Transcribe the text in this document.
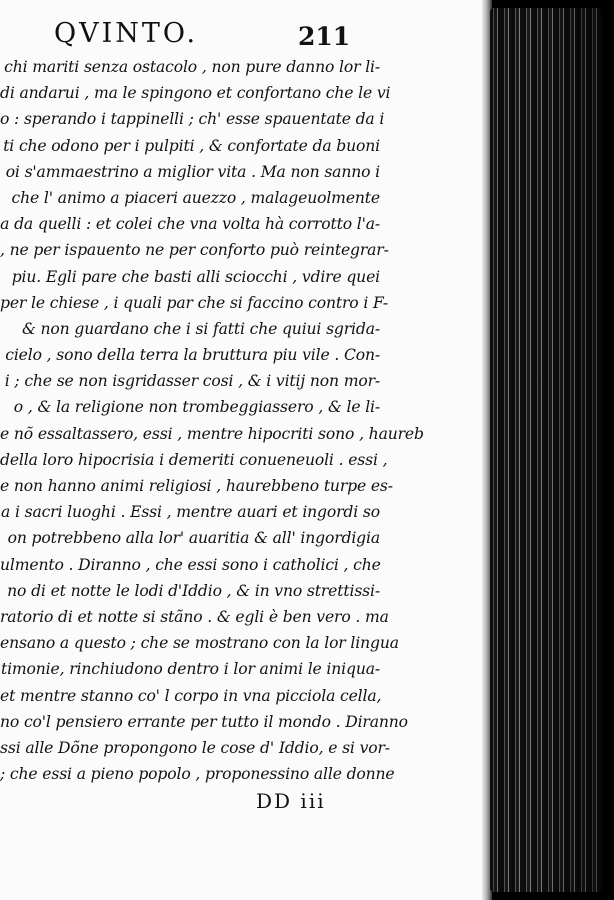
QVINTO.	211
chi mariti senza ostacolo , non pure danno lor li-
di andarui , ma le spingono et confortano che le vi
o : sperando i tappinelli ; ch' esse spauentate da i
ti che odono per i pulpiti , & confortate da buoni
oi s'ammaestrino a miglior vita . Ma non sanno i
che l' animo a piaceri auezzo , malageuolmente
a da quelli : et colei che vna volta hà corrotto l'a-
, ne per ispauento ne per conforto può reintegrar-
piu. Egli pare che basti alli sciocchi , vdire quei
per le chiese , i quali par che si faccino contro i F-
& non guardano che i si fatti che quiui sgrida-
cielo , sono della terra la bruttura piu vile . Con-
i ; che se non isgridasser cosi , & i vitij non mor-
o , & la religione non trombeggiassero , & le li-
e nõ essaltassero, essi , mentre hipocriti sono , haureb
della loro hipocrisia i demeriti conueneuoli . essi ,
e non hanno animi religiosi , haurebbeno turpe es-
a i sacri luoghi . Essi , mentre auari et ingordi so
on potrebbeno alla lor' auaritia & all' ingordigia
ulmento . Diranno , che essi sono i catholici , che
no di et notte le lodi d'Iddio , & in vno strettissi-
ratorio di et notte si stãno . & egli è ben vero . ma
ensano a questo ; che se mostrano con la lor lingua
timonie, rinchiudono dentro i lor animi le iniqua-
et mentre stanno co' l corpo in vna picciola cella,
no co'l pensiero errante per tutto il mondo . Diranno
ssi alle Dõne propongono le cose d' Iddio, e si vor-
; che essi a pieno popolo , proponessino alle donne
DD iii
